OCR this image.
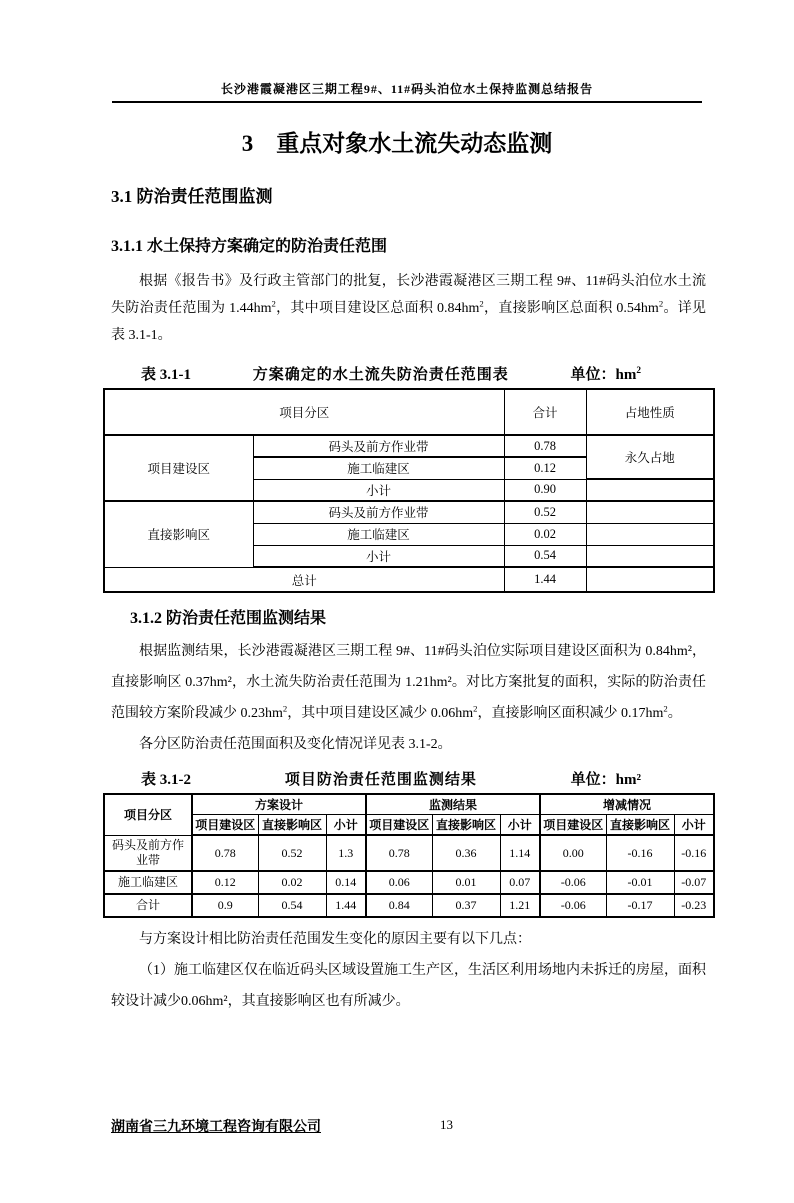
长沙港霞凝港区三期工程9#、11#码头泊位水土保持监测总结报告
3　重点对象水土流失动态监测
3.1 防治责任范围监测
3.1.1 水土保持方案确定的防治责任范围

根据《报告书》及行政主管部门的批复，长沙港霞凝港区三期工程 9#、11#码头泊位水土流失防治责任范围为 $1.44hm^2$，其中项目建设区总面积 $0.84hm^2$，直接影响区总面积 $0.54hm^2$。详见表 3.1-1。

表 3.1-1	方案确定的水土流失防治责任范围表	单位：$hm^2$
项目分区		合计	占地性质
项目建设区	码头及前方作业带	0.78	永久占地
	施工临建区	0.12	
	小计	0.90	
直接影响区	码头及前方作业带	0.52	
	施工临建区	0.02	
	小计	0.54	
总计		1.44	
3.1.2 防治责任范围监测结果

根据监测结果，长沙港霞凝港区三期工程 9#、11#码头泊位实际项目建设区面积为 0.84hm²，直接影响区 0.37hm²，水土流失防治责任范围为 1.21hm²。对比方案批复的面积，实际的防治责任范围较方案阶段减少 $0.23hm^2$，其中项目建设区减少 $0.06hm^2$，直接影响区面积减少 $0.17hm^2$。

各分区防治责任范围面积及变化情况详见表 3.1-2。

表 3.1-2	项目防治责任范围监测结果	单位：hm²
项目分区	方案设计			监测结果			增减情况		
	项目建设区	直接影响区	小计	项目建设区	直接影响区	小计	项目建设区	直接影响区	小计
码头及前方作业带	0.78	0.52	1.3	0.78	0.36	1.14	0.00	-0.16	-0.16
施工临建区	0.12	0.02	0.14	0.06	0.01	0.07	-0.06	-0.01	-0.07
合计	0.9	0.54	1.44	0.84	0.37	1.21	-0.06	-0.17	-0.23

与方案设计相比防治责任范围发生变化的原因主要有以下几点：

（1）施工临建区仅在临近码头区域设置施工生产区，生活区利用场地内未拆迁的房屋，面积较设计减少0.06hm²，其直接影响区也有所减少。

湖南省三九环境工程咨询有限公司	13
